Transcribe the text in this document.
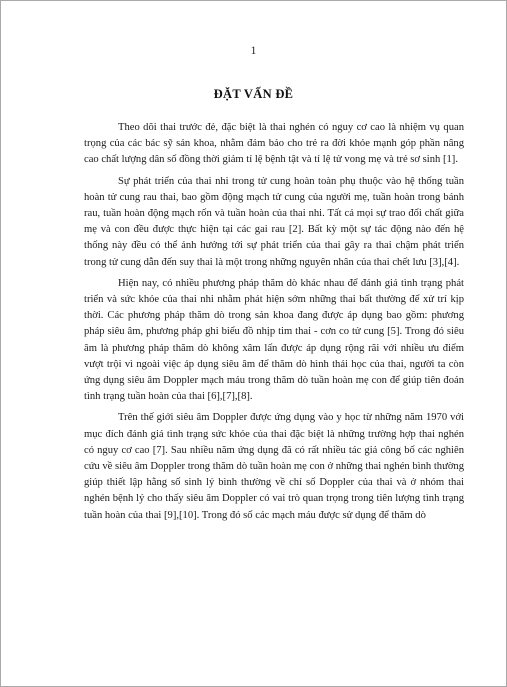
1
ĐẶT VẤN ĐỀ

Theo dõi thai trước đẻ, đặc biệt là thai nghén có nguy cơ cao là nhiệm vụ quan trọng của các bác sỹ sản khoa, nhằm đảm bảo cho trẻ ra đời khỏe mạnh góp phần nâng cao chất lượng dân số đồng thời giảm tỉ lệ bệnh tật và tỉ lệ tử vong mẹ và trẻ sơ sinh [1].

Sự phát triển của thai nhi trong tử cung hoàn toàn phụ thuộc vào hệ thống tuần hoàn tử cung rau thai, bao gồm động mạch tử cung của người mẹ, tuần hoàn trong bánh rau, tuần hoàn động mạch rốn và tuần hoàn của thai nhi. Tất cả mọi sự trao đổi chất giữa mẹ và con đều được thực hiện tại các gai rau [2]. Bất kỳ một sự tác động nào đến hệ thống này đều có thể ảnh hưởng tới sự phát triển của thai gây ra thai chậm phát triển trong tử cung dẫn đến suy thai là một trong những nguyên nhân của thai chết lưu [3],[4].

Hiện nay, có nhiều phương pháp thăm dò khác nhau để đánh giá tình trạng phát triển và sức khỏe của thai nhi nhằm phát hiện sớm những thai bất thường để xử trí kịp thời. Các phương pháp thăm dò trong sản khoa đang được áp dụng bao gồm: phương pháp siêu âm, phương pháp ghi biểu đồ nhịp tim thai - cơn co tử cung [5]. Trong đó siêu âm là phương pháp thăm dò không xâm lấn được áp dụng rộng rãi với nhiều ưu điểm vượt trội vì ngoài việc áp dụng siêu âm để thăm dò hình thái học của thai, người ta còn ứng dụng siêu âm Doppler mạch máu trong thăm dò tuần hoàn mẹ con để giúp tiên đoán tình trạng tuần hoàn của thai [6],[7],[8].

Trên thế giới siêu âm Doppler được ứng dụng vào y học từ những năm 1970 với mục đích đánh giá tình trạng sức khỏe của thai đặc biệt là những trường hợp thai nghén có nguy cơ cao [7]. Sau nhiều năm ứng dụng đã có rất nhiều tác giả công bố các nghiên cứu về siêu âm Doppler trong thăm dò tuần hoàn mẹ con ở những thai nghén bình thường giúp thiết lập hằng số sinh lý bình thường về chỉ số Doppler của thai và ở nhóm thai nghén bệnh lý cho thấy siêu âm Doppler có vai trò quan trọng trong tiên lượng tình trạng tuần hoàn của thai [9],[10]. Trong đó số các mạch máu được sử dụng để thăm dò
